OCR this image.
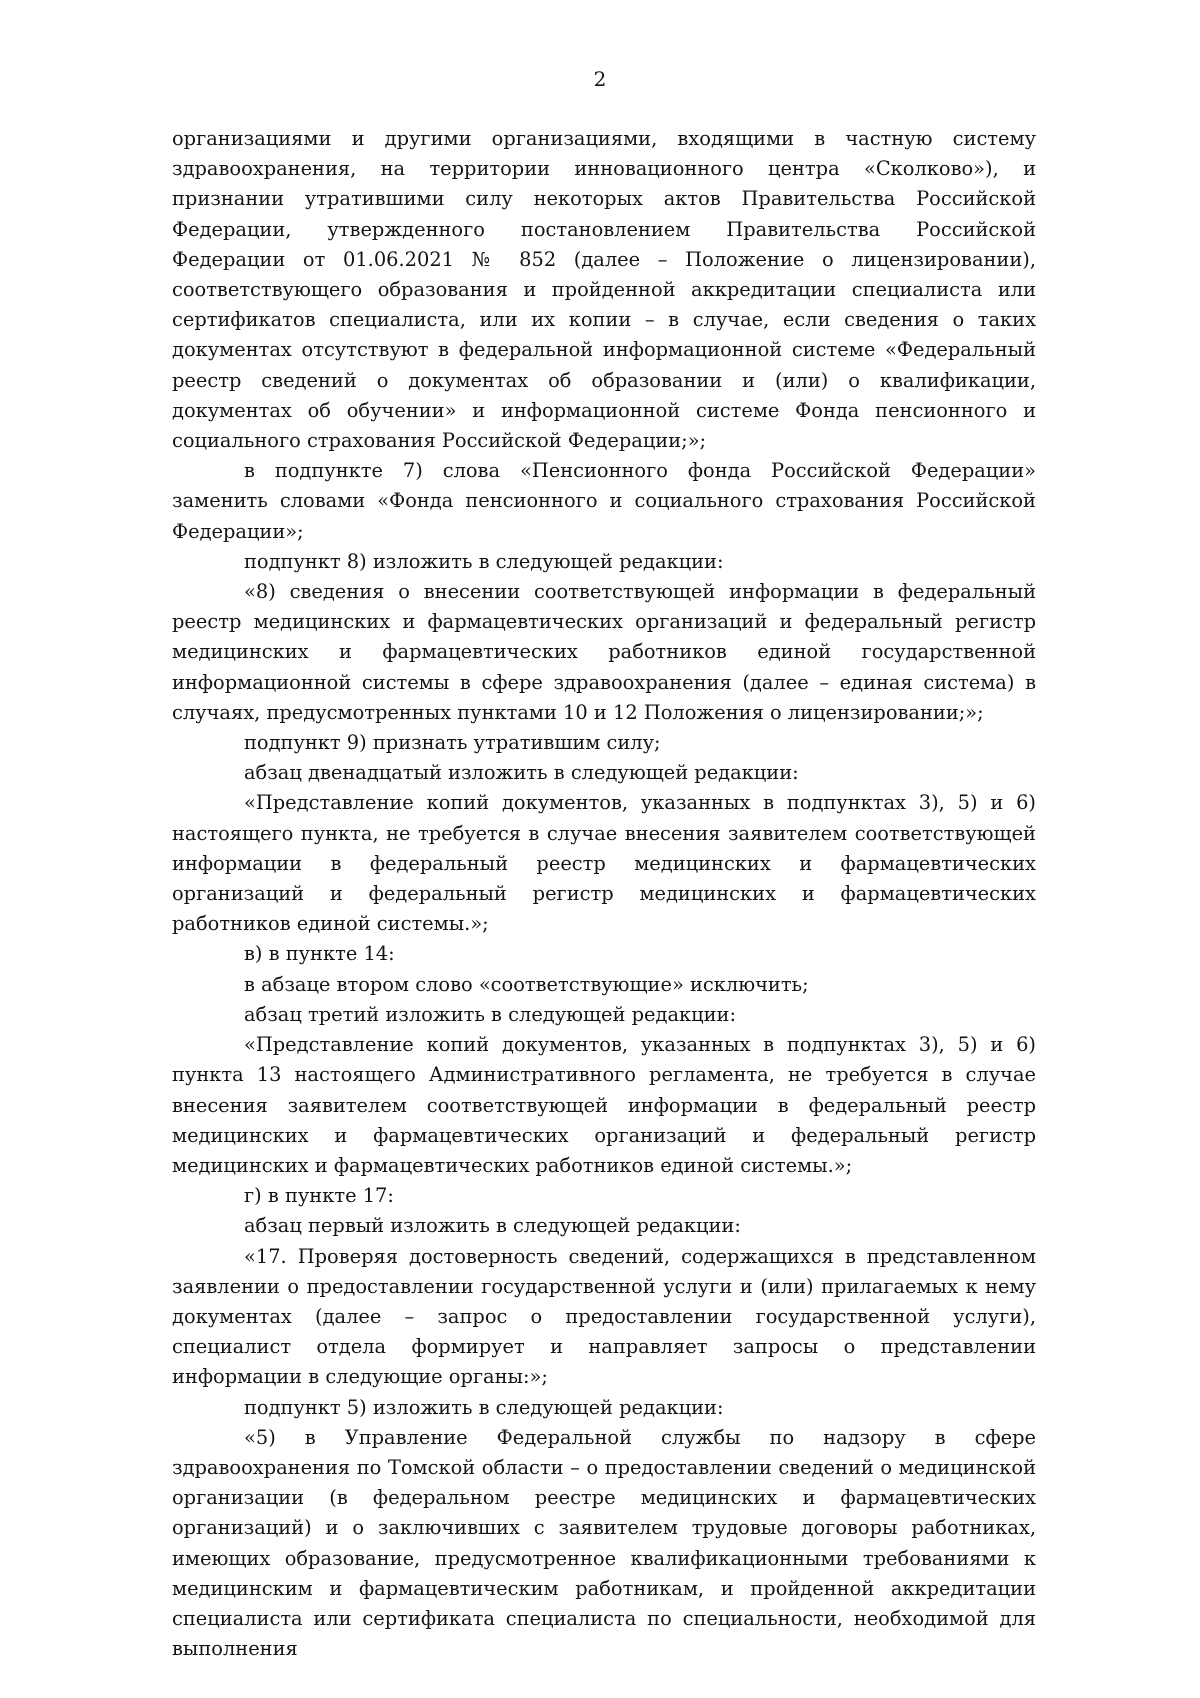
2

организациями и другими организациями, входящими в частную систему здравоохранения, на территории инновационного центра «Сколково»), и признании утратившими силу некоторых актов Правительства Российской Федерации, утвержденного постановлением Правительства Российской Федерации от 01.06.2021 № 852 (далее – Положение о лицензировании), соответствующего образования и пройденной аккредитации специалиста или сертификатов специалиста, или их копии – в случае, если сведения о таких документах отсутствуют в федеральной информационной системе «Федеральный реестр сведений о документах об образовании и (или) о квалификации, документах об обучении» и информационной системе Фонда пенсионного и социального страхования Российской Федерации;»;

в подпункте 7) слова «Пенсионного фонда Российской Федерации» заменить словами «Фонда пенсионного и социального страхования Российской Федерации»;

подпункт 8) изложить в следующей редакции:

«8) сведения о внесении соответствующей информации в федеральный реестр медицинских и фармацевтических организаций и федеральный регистр медицинских и фармацевтических работников единой государственной информационной системы в сфере здравоохранения (далее – единая система) в случаях, предусмотренных пунктами 10 и 12 Положения о лицензировании;»;

подпункт 9) признать утратившим силу;

абзац двенадцатый изложить в следующей редакции:

«Представление копий документов, указанных в подпунктах 3), 5) и 6) настоящего пункта, не требуется в случае внесения заявителем соответствующей информации в федеральный реестр медицинских и фармацевтических организаций и федеральный регистр медицинских и фармацевтических работников единой системы.»;

в) в пункте 14:

в абзаце втором слово «соответствующие» исключить;

абзац третий изложить в следующей редакции:

«Представление копий документов, указанных в подпунктах 3), 5) и 6) пункта 13 настоящего Административного регламента, не требуется в случае внесения заявителем соответствующей информации в федеральный реестр медицинских и фармацевтических организаций и федеральный регистр медицинских и фармацевтических работников единой системы.»;

г) в пункте 17:

абзац первый изложить в следующей редакции:

«17. Проверяя достоверность сведений, содержащихся в представленном заявлении о предоставлении государственной услуги и (или) прилагаемых к нему документах (далее – запрос о предоставлении государственной услуги), специалист отдела формирует и направляет запросы о представлении информации в следующие органы:»;

подпункт 5) изложить в следующей редакции:

«5) в Управление Федеральной службы по надзору в сфере здравоохранения по Томской области – о предоставлении сведений о медицинской организации (в федеральном реестре медицинских и фармацевтических организаций) и о заключивших с заявителем трудовые договоры работниках, имеющих образование, предусмотренное квалификационными требованиями к медицинским и фармацевтическим работникам, и пройденной аккредитации специалиста или сертификата специалиста по специальности, необходимой для выполнения
